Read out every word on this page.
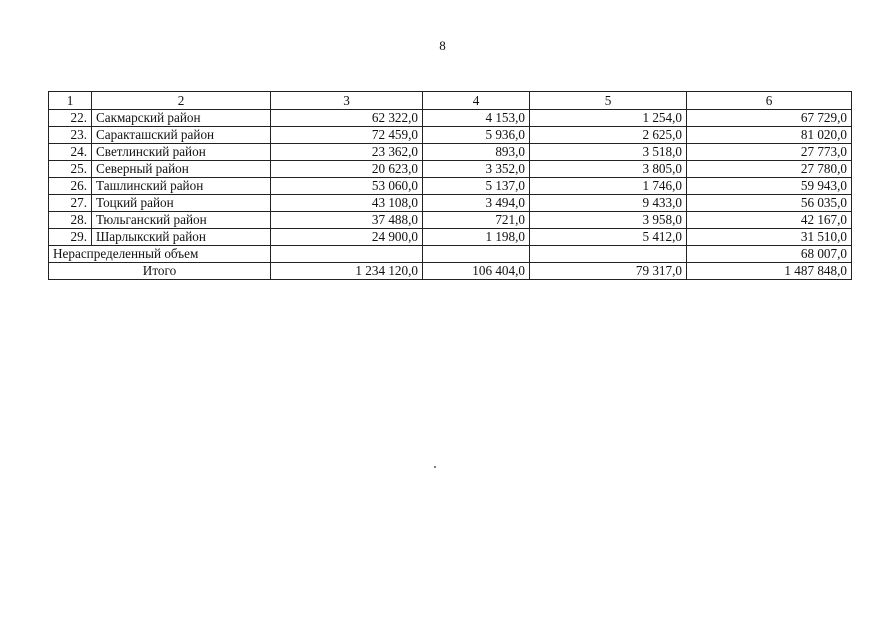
8
1	2	3	4	5	6
22.	Сакмарский район	62 322,0	4 153,0	1 254,0	67 729,0
23.	Саракташский район	72 459,0	5 936,0	2 625,0	81 020,0
24.	Светлинский район	23 362,0	893,0	3 518,0	27 773,0
25.	Северный район	20 623,0	3 352,0	3 805,0	27 780,0
26.	Ташлинский район	53 060,0	5 137,0	1 746,0	59 943,0
27.	Тоцкий район	43 108,0	3 494,0	9 433,0	56 035,0
28.	Тюльганский район	37 488,0	721,0	3 958,0	42 167,0
29.	Шарлыкский район	24 900,0	1 198,0	5 412,0	31 510,0
Нераспределенный объем					68 007,0
Итого		1 234 120,0	106 404,0	79 317,0	1 487 848,0
